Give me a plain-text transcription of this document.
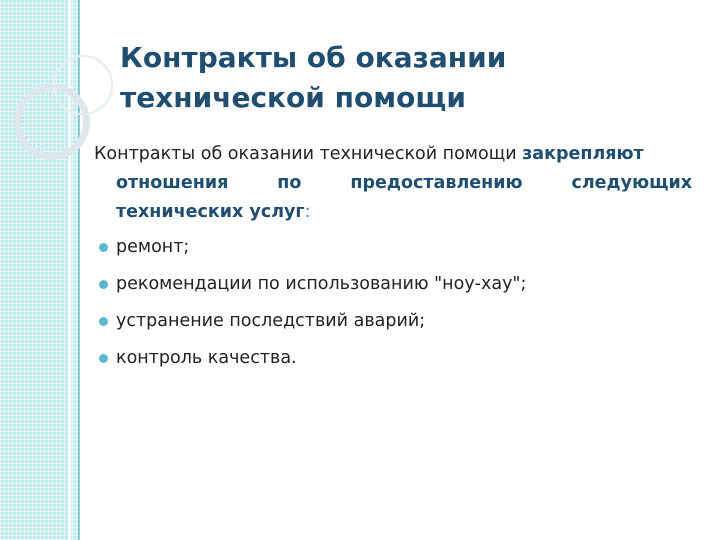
Контракты об оказании
технической помощи

Контракты об оказании технической помощи закрепляют
отношения по предоставлению следующих
технических услуг:

ремонт;
рекомендации по использованию "ноу-хау";
устранение последствий аварий;
контроль качества.
